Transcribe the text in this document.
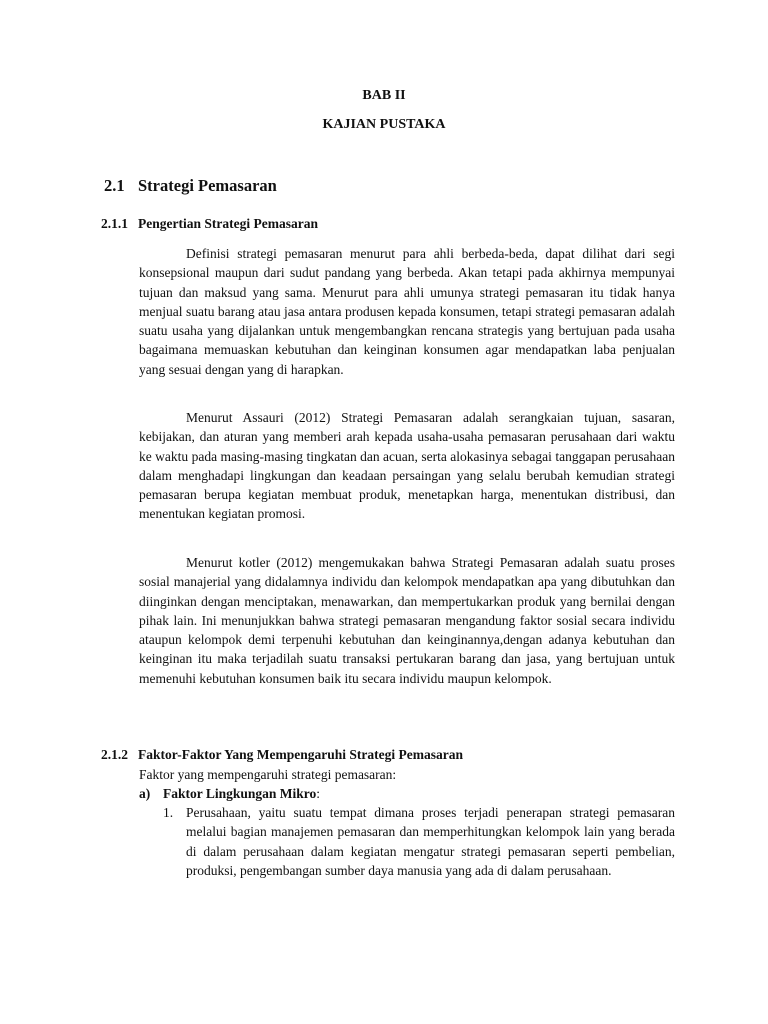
BAB II
KAJIAN PUSTAKA
2.1 Strategi Pemasaran
2.1.1 Pengertian Strategi Pemasaran

Definisi strategi pemasaran menurut para ahli berbeda-beda, dapat dilihat dari segi konsepsional maupun dari sudut pandang yang berbeda. Akan tetapi pada akhirnya mempunyai tujuan dan maksud yang sama. Menurut para ahli umunya strategi pemasaran itu tidak hanya menjual suatu barang atau jasa antara produsen kepada konsumen, tetapi strategi pemasaran adalah suatu usaha yang dijalankan untuk mengembangkan rencana strategis yang bertujuan pada usaha bagaimana memuaskan kebutuhan dan keinginan konsumen agar mendapatkan laba penjualan yang sesuai dengan yang di harapkan.

Menurut Assauri (2012) Strategi Pemasaran adalah serangkaian tujuan, sasaran, kebijakan, dan aturan yang memberi arah kepada usaha-usaha pemasaran perusahaan dari waktu ke waktu pada masing-masing tingkatan dan acuan, serta alokasinya sebagai tanggapan perusahaan dalam menghadapi lingkungan dan keadaan persaingan yang selalu berubah kemudian strategi pemasaran berupa kegiatan membuat produk, menetapkan harga, menentukan distribusi, dan menentukan kegiatan promosi.

Menurut kotler (2012) mengemukakan bahwa Strategi Pemasaran adalah suatu proses sosial manajerial yang didalamnya individu dan kelompok mendapatkan apa yang dibutuhkan dan diinginkan dengan menciptakan, menawarkan, dan mempertukarkan produk yang bernilai dengan pihak lain. Ini menunjukkan bahwa strategi pemasaran mengandung faktor sosial secara individu ataupun kelompok demi terpenuhi kebutuhan dan keinginannya,dengan adanya kebutuhan dan keinginan itu maka terjadilah suatu transaksi pertukaran barang dan jasa, yang bertujuan untuk memenuhi kebutuhan konsumen baik itu secara individu maupun kelompok.

2.1.2 Faktor-Faktor Yang Mempengaruhi Strategi Pemasaran
Faktor yang mempengaruhi strategi pemasaran:
a) Faktor Lingkungan Mikro:
1. Perusahaan, yaitu suatu tempat dimana proses terjadi penerapan strategi pemasaran melalui bagian manajemen pemasaran dan memperhitungkan kelompok lain yang berada di dalam perusahaan dalam kegiatan mengatur strategi pemasaran seperti pembelian, produksi, pengembangan sumber daya manusia yang ada di dalam perusahaan.
